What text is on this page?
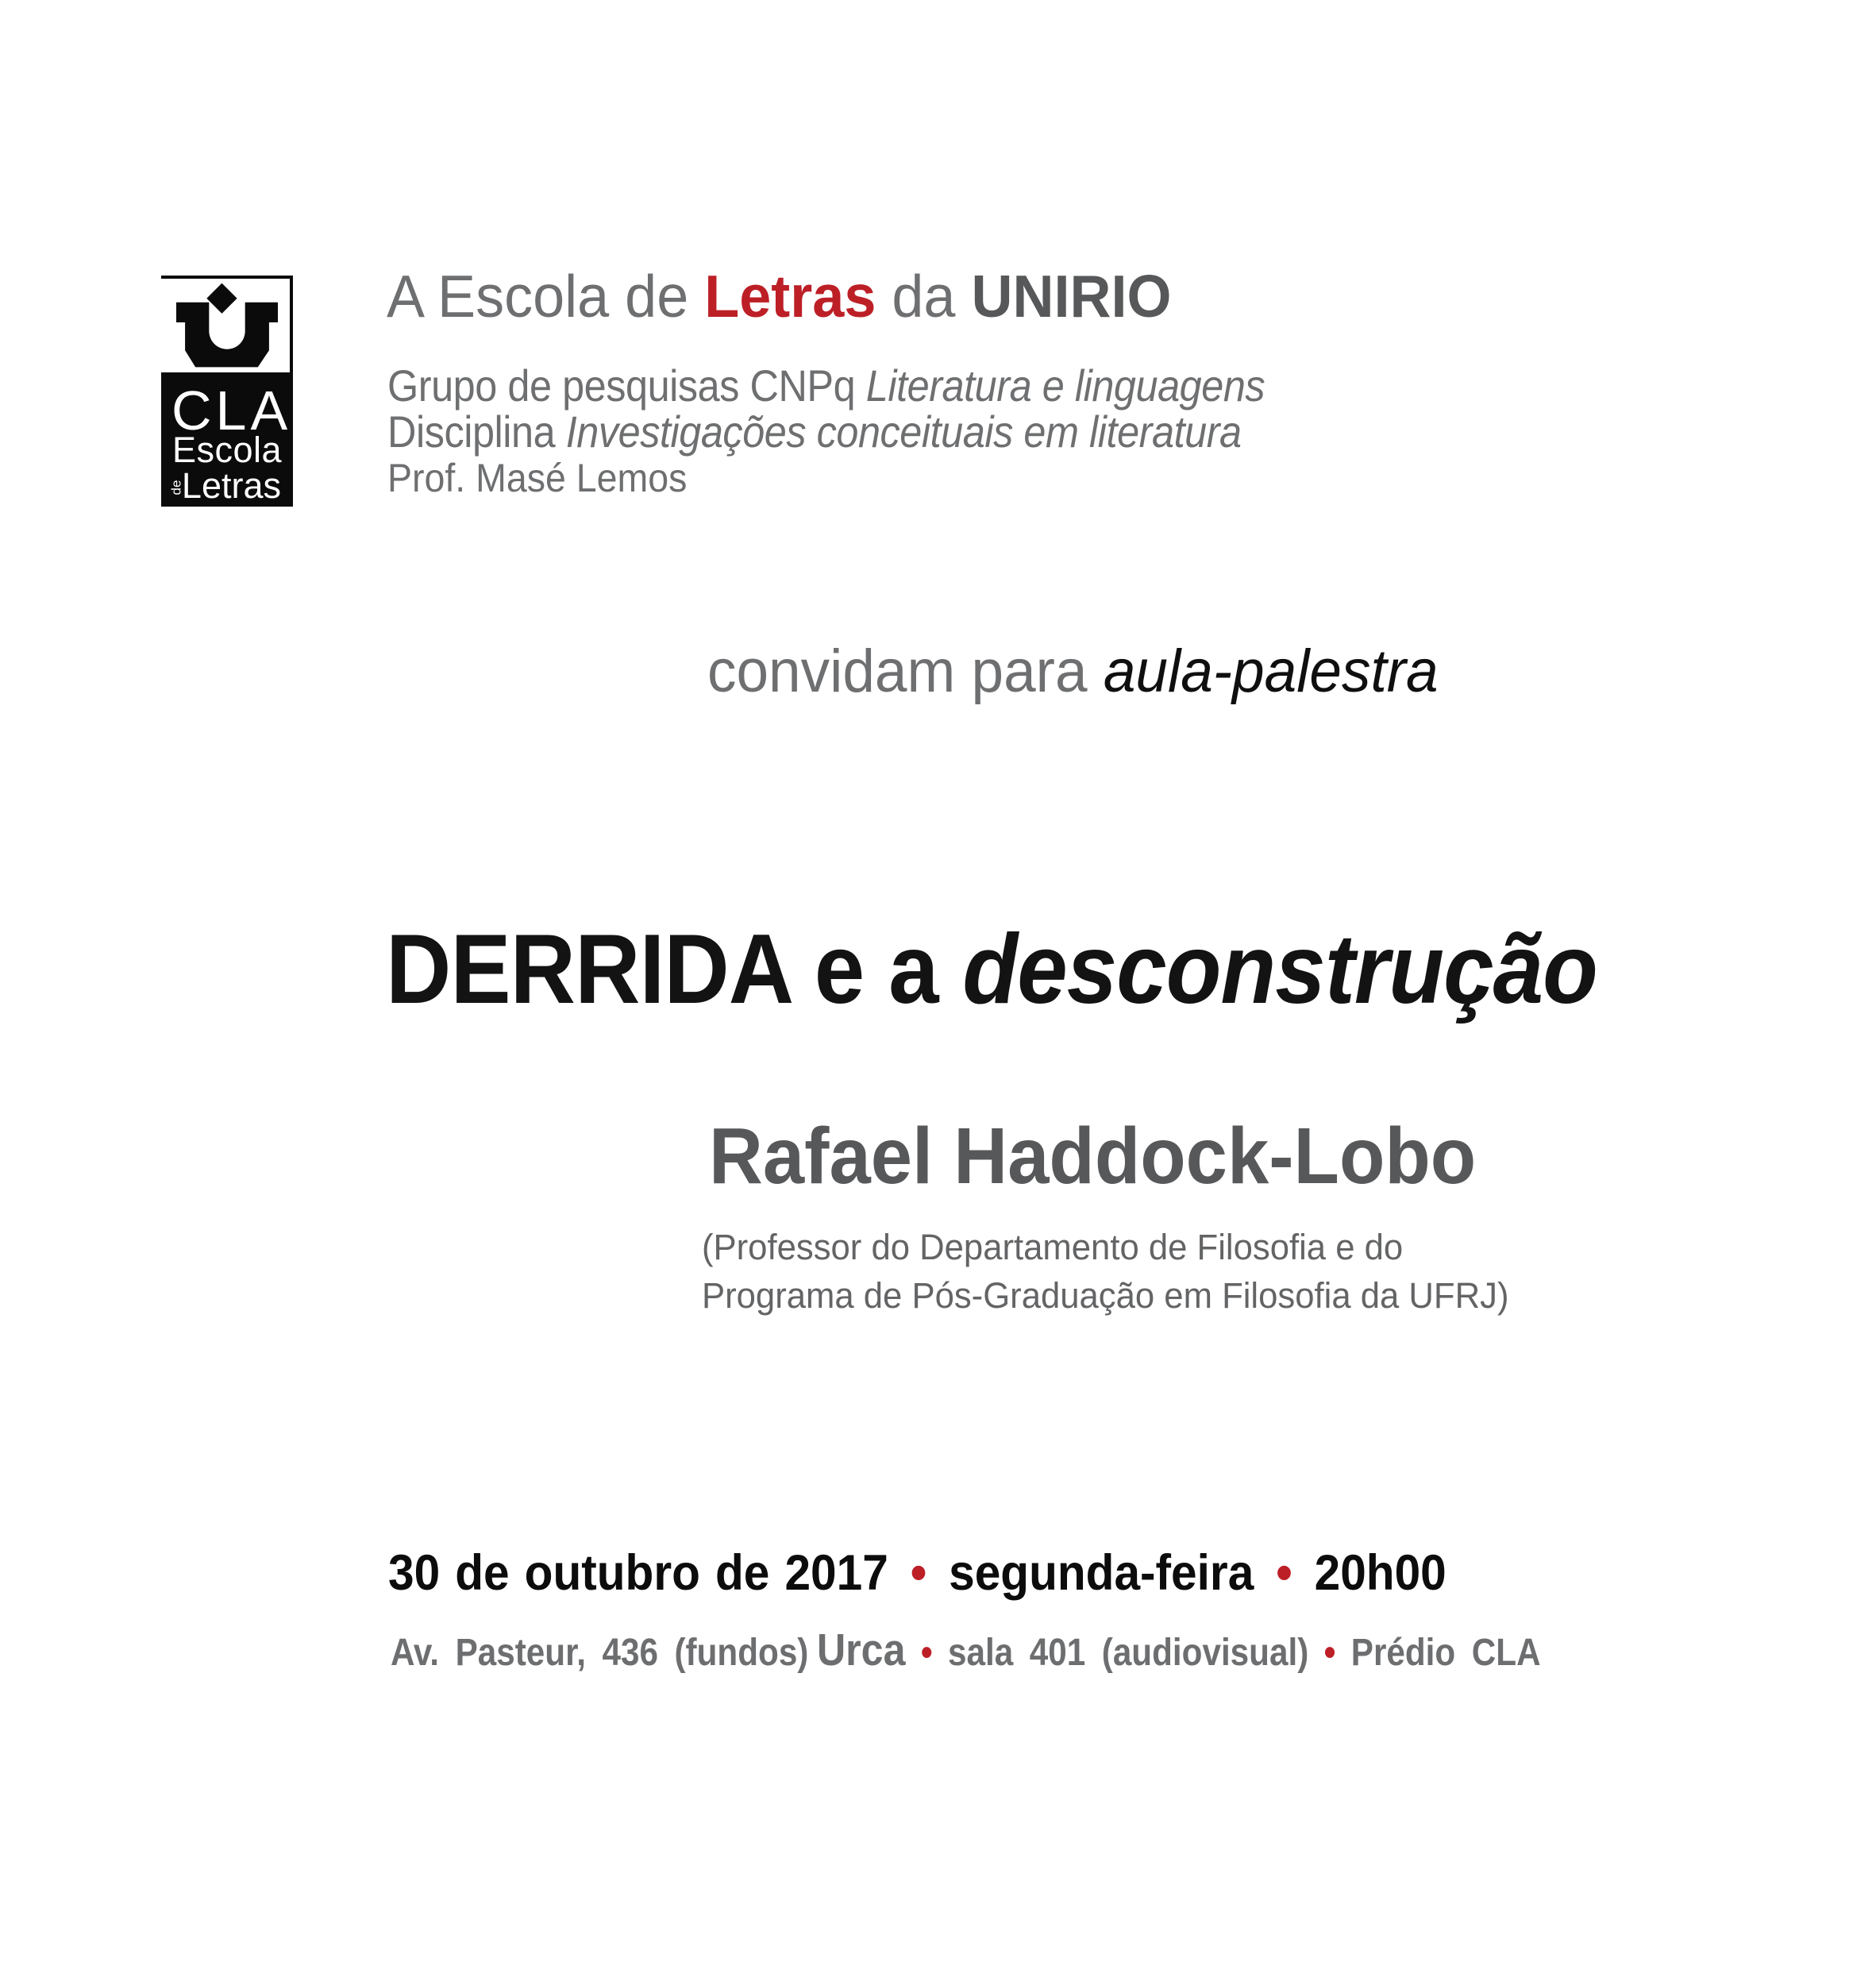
CLA
Escola
deLetras
A Escola de Letras da UNIRIO
Grupo de pesquisas CNPq Literatura e linguagens
Disciplina Investigações conceituais em literatura
Prof. Masé Lemos
convidam para aula-palestra
DERRIDA e a desconstrução
Rafael Haddock-Lobo
(Professor do Departamento de Filosofia e do
Programa de Pós-Graduação em Filosofia da UFRJ)
30 de outubro de 2017 • segunda-feira • 20h00
Av. Pasteur, 436 (fundos) Urca • sala 401 (audiovisual) • Prédio CLA
